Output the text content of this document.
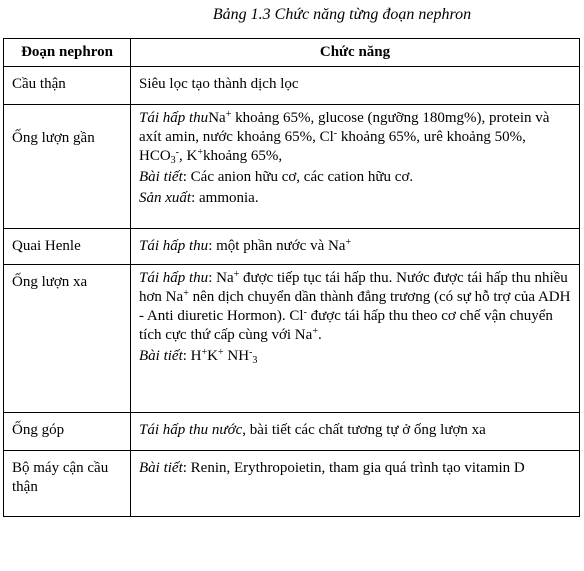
Bảng 1.3 Chức năng từng đoạn nephron
Đoạn nephron	Chức năng
Cầu thận	Siêu lọc tạo thành dịch lọc
Ống lượn gần	Tái hấp thuNa+ khoảng 65%, glucose (ngưỡng 180mg%), protein và axít amin, nước khoảng 65%, Cl- khoảng 65%, urê khoảng 50%, $HCO_3^-$, K+khoảng 65%,
Bài tiết: Các anion hữu cơ, các cation hữu cơ.
Sản xuất: ammonia.

Quai Henle	Tái hấp thu: một phần nước và Na+
Ống lượn xa	Tái hấp thu: Na+ được tiếp tục tái hấp thu. Nước được tái hấp thu nhiều hơn Na+ nên dịch chuyển dần thành đẳng trương (có sự hỗ trợ của ADH - Anti diuretic Hormon). Cl- được tái hấp thu theo cơ chế vận chuyển tích cực thứ cấp cùng với Na+.
Bài tiết: H+K+ $NH^-_3$

Ống góp	Tái hấp thu nước, bài tiết các chất tương tự ở ống lượn xa
Bộ máy cận cầu thận	Bài tiết: Renin, Erythropoietin, tham gia quá trình tạo vitamin D
